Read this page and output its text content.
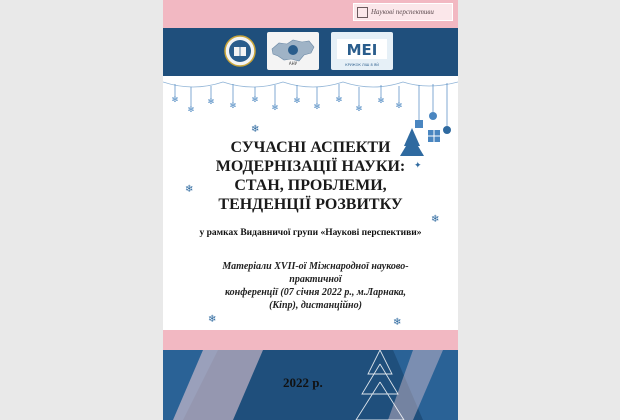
Наукові перспективи
АНУ
МЕІ
КРУЖОК ЛІШ 8 ЯЙ
✻
✻
✻ ✻
✻
✻
✻
✻
✻
✻
✻
✻
✦
СУЧАСНІ АСПЕКТИ
МОДЕРНІЗАЦІЇ НАУКИ:
СТАН, ПРОБЛЕМИ,
ТЕНДЕНЦІЇ РОЗВИТКУ
у рамках Видавничої групи «Наукові перспективи»
Матеріали XVII-ої Міжнародної науково-практичної
конференції (07 січня 2022 р., м.Ларнака,
(Кіпр), дистанційно)
❄
❄
❄
❄	❄
2022 р.
